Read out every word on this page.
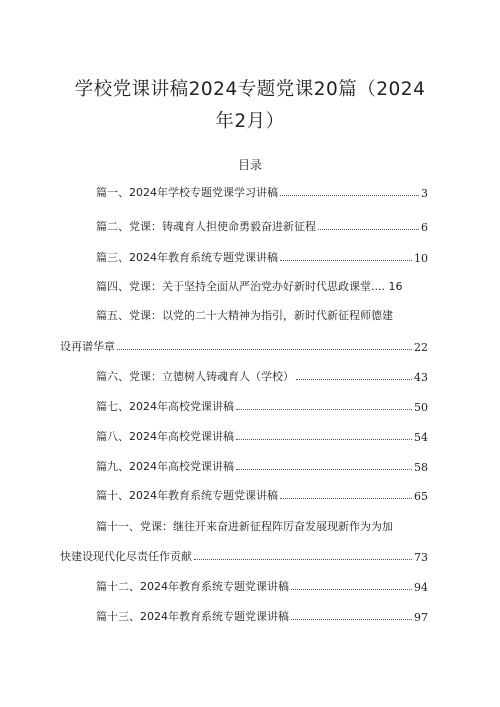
学校党课讲稿2024专题党课20篇（2024
年2月）
目录
篇一、2024年学校专题党课学习讲稿	3
篇二、党课：铸魂育人担使命勇毅奋进新征程	6
篇三、2024年教育系统专题党课讲稿	10
篇四、党课：关于坚持全面从严治党办好新时代思政课堂.... 16
篇五、党课：以党的二十大精神为指引，新时代新征程师德建
设再谱华章	22
篇六、党课：立德树人铸魂育人（学校）	43
篇七、2024年高校党课讲稿	50
篇八、2024年高校党课讲稿	54
篇九、2024年高校党课讲稿	58
篇十、2024年教育系统专题党课讲稿	65
篇十一、党课：继往开来奋进新征程阵厉奋发展现新作为为加
快建设现代化尽责任作贡献	73
篇十二、2024年教育系统专题党课讲稿	94
篇十三、2024年教育系统专题党课讲稿	97
